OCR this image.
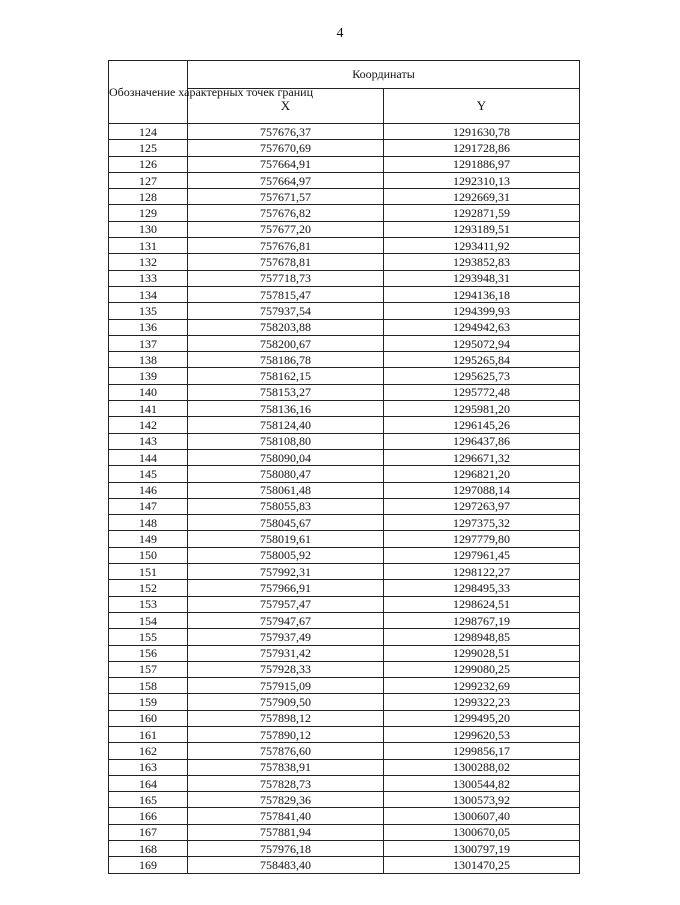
4
Обозначение характерных точек границ	Координаты	
	X	Y
124	757676,37	1291630,78
125	757670,69	1291728,86
126	757664,91	1291886,97
127	757664,97	1292310,13
128	757671,57	1292669,31
129	757676,82	1292871,59
130	757677,20	1293189,51
131	757676,81	1293411,92
132	757678,81	1293852,83
133	757718,73	1293948,31
134	757815,47	1294136,18
135	757937,54	1294399,93
136	758203,88	1294942,63
137	758200,67	1295072,94
138	758186,78	1295265,84
139	758162,15	1295625,73
140	758153,27	1295772,48
141	758136,16	1295981,20
142	758124,40	1296145,26
143	758108,80	1296437,86
144	758090,04	1296671,32
145	758080,47	1296821,20
146	758061,48	1297088,14
147	758055,83	1297263,97
148	758045,67	1297375,32
149	758019,61	1297779,80
150	758005,92	1297961,45
151	757992,31	1298122,27
152	757966,91	1298495,33
153	757957,47	1298624,51
154	757947,67	1298767,19
155	757937,49	1298948,85
156	757931,42	1299028,51
157	757928,33	1299080,25
158	757915,09	1299232,69
159	757909,50	1299322,23
160	757898,12	1299495,20
161	757890,12	1299620,53
162	757876,60	1299856,17
163	757838,91	1300288,02
164	757828,73	1300544,82
165	757829,36	1300573,92
166	757841,40	1300607,40
167	757881,94	1300670,05
168	757976,18	1300797,19
169	758483,40	1301470,25
